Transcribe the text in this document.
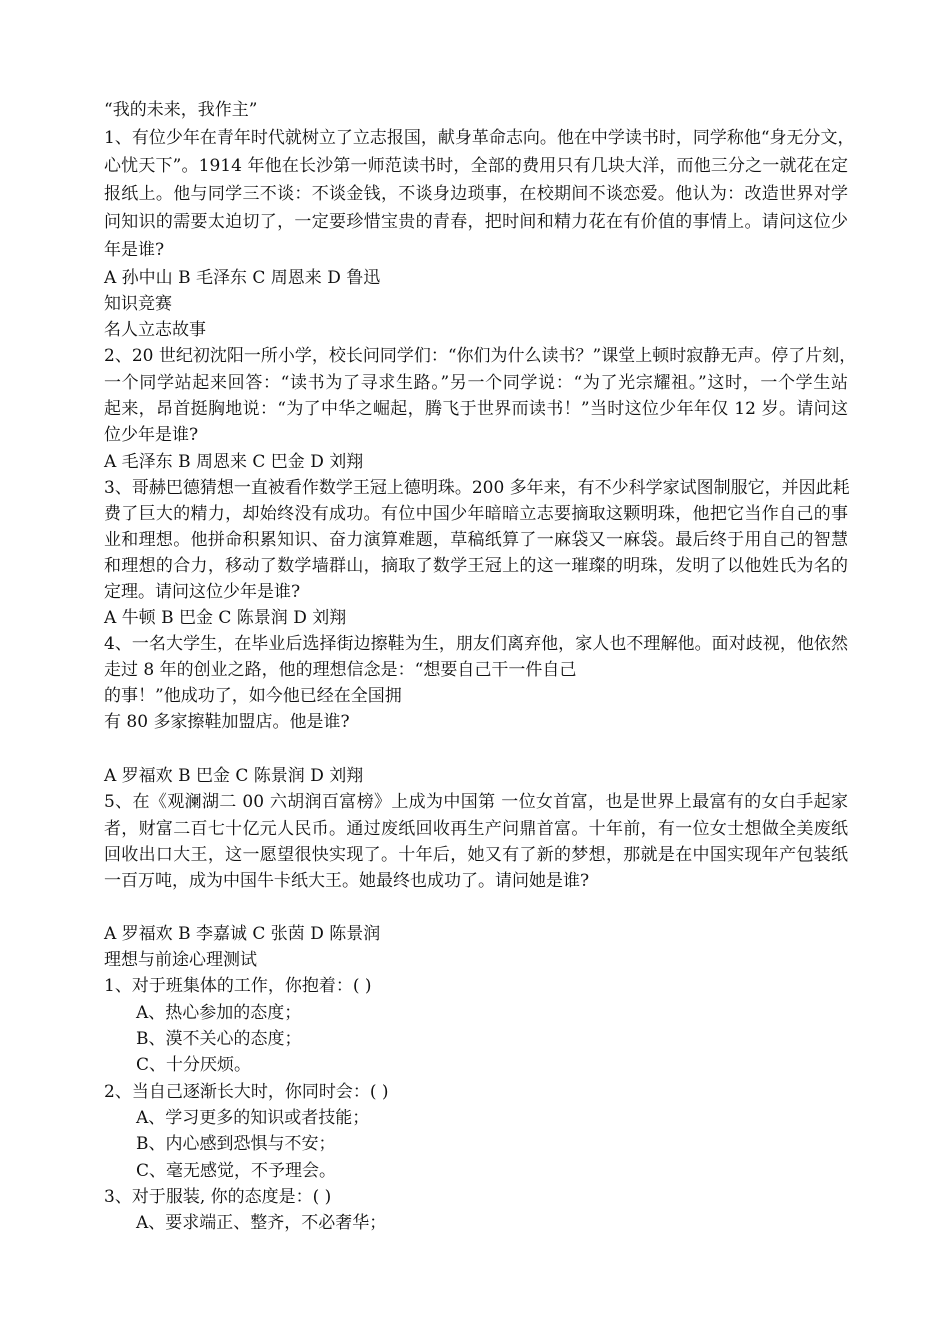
“我的未来，我作主”
1、有位少年在青年时代就树立了立志报国，献身革命志向。他在中学读书时，同学称他“身无分文，
心忧天下”。1914 年他在长沙第一师范读书时，全部的费用只有几块大洋，而他三分之一就花在定
报纸上。他与同学三不谈：不谈金钱，不谈身边琐事，在校期间不谈恋爱。他认为：改造世界对学
问知识的需要太迫切了，一定要珍惜宝贵的青春，把时间和精力花在有价值的事情上。请问这位少
年是谁?
A 孙中山 B 毛泽东 C 周恩来 D 鲁迅
知识竞赛
名人立志故事
2、20 世纪初沈阳一所小学，校长问同学们：“你们为什么读书？”课堂上顿时寂静无声。停了片刻，
一个同学站起来回答：“读书为了寻求生路。”另一个同学说：“为了光宗耀祖。”这时，一个学生站
起来，昂首挺胸地说：“为了中华之崛起，腾飞于世界而读书！”当时这位少年年仅 12 岁。请问这
位少年是谁?
A 毛泽东 B 周恩来 C 巴金 D 刘翔
3、哥赫巴德猜想一直被看作数学王冠上德明珠。200 多年来，有不少科学家试图制服它，并因此耗
费了巨大的精力，却始终没有成功。有位中国少年暗暗立志要摘取这颗明珠，他把它当作自己的事
业和理想。他拼命积累知识、奋力演算难题，草稿纸算了一麻袋又一麻袋。最后终于用自己的智慧
和理想的合力，移动了数学墙群山，摘取了数学王冠上的这一璀璨的明珠，发明了以他姓氏为名的
定理。请问这位少年是谁?
A 牛顿 B 巴金 C 陈景润 D 刘翔
4、一名大学生，在毕业后选择街边擦鞋为生，朋友们离弃他，家人也不理解他。面对歧视，他依然
走过 8 年的创业之路，他的理想信念是：“想要自己干一件自己
的事！”他成功了，如今他已经在全国拥
有 80 多家擦鞋加盟店。他是谁?
A 罗福欢 B 巴金 C 陈景润 D 刘翔
5、在《观澜湖二 00 六胡润百富榜》上成为中国第 一位女首富，也是世界上最富有的女白手起家
者，财富二百七十亿元人民币。通过废纸回收再生产问鼎首富。十年前，有一位女士想做全美废纸
回收出口大王，这一愿望很快实现了。十年后，她又有了新的梦想，那就是在中国实现年产包装纸
一百万吨，成为中国牛卡纸大王。她最终也成功了。请问她是谁?
A 罗福欢 B 李嘉诚 C 张茵 D 陈景润
理想与前途心理测试
1、对于班集体的工作，你抱着：( )
A、热心参加的态度；
B、漠不关心的态度；
C、十分厌烦。
2、当自己逐渐长大时，你同时会：( )
A、学习更多的知识或者技能；
B、内心感到恐惧与不安；
C、毫无感觉，不予理会。
3、对于服装, 你的态度是：( )
A、要求端正、整齐，不必奢华；
